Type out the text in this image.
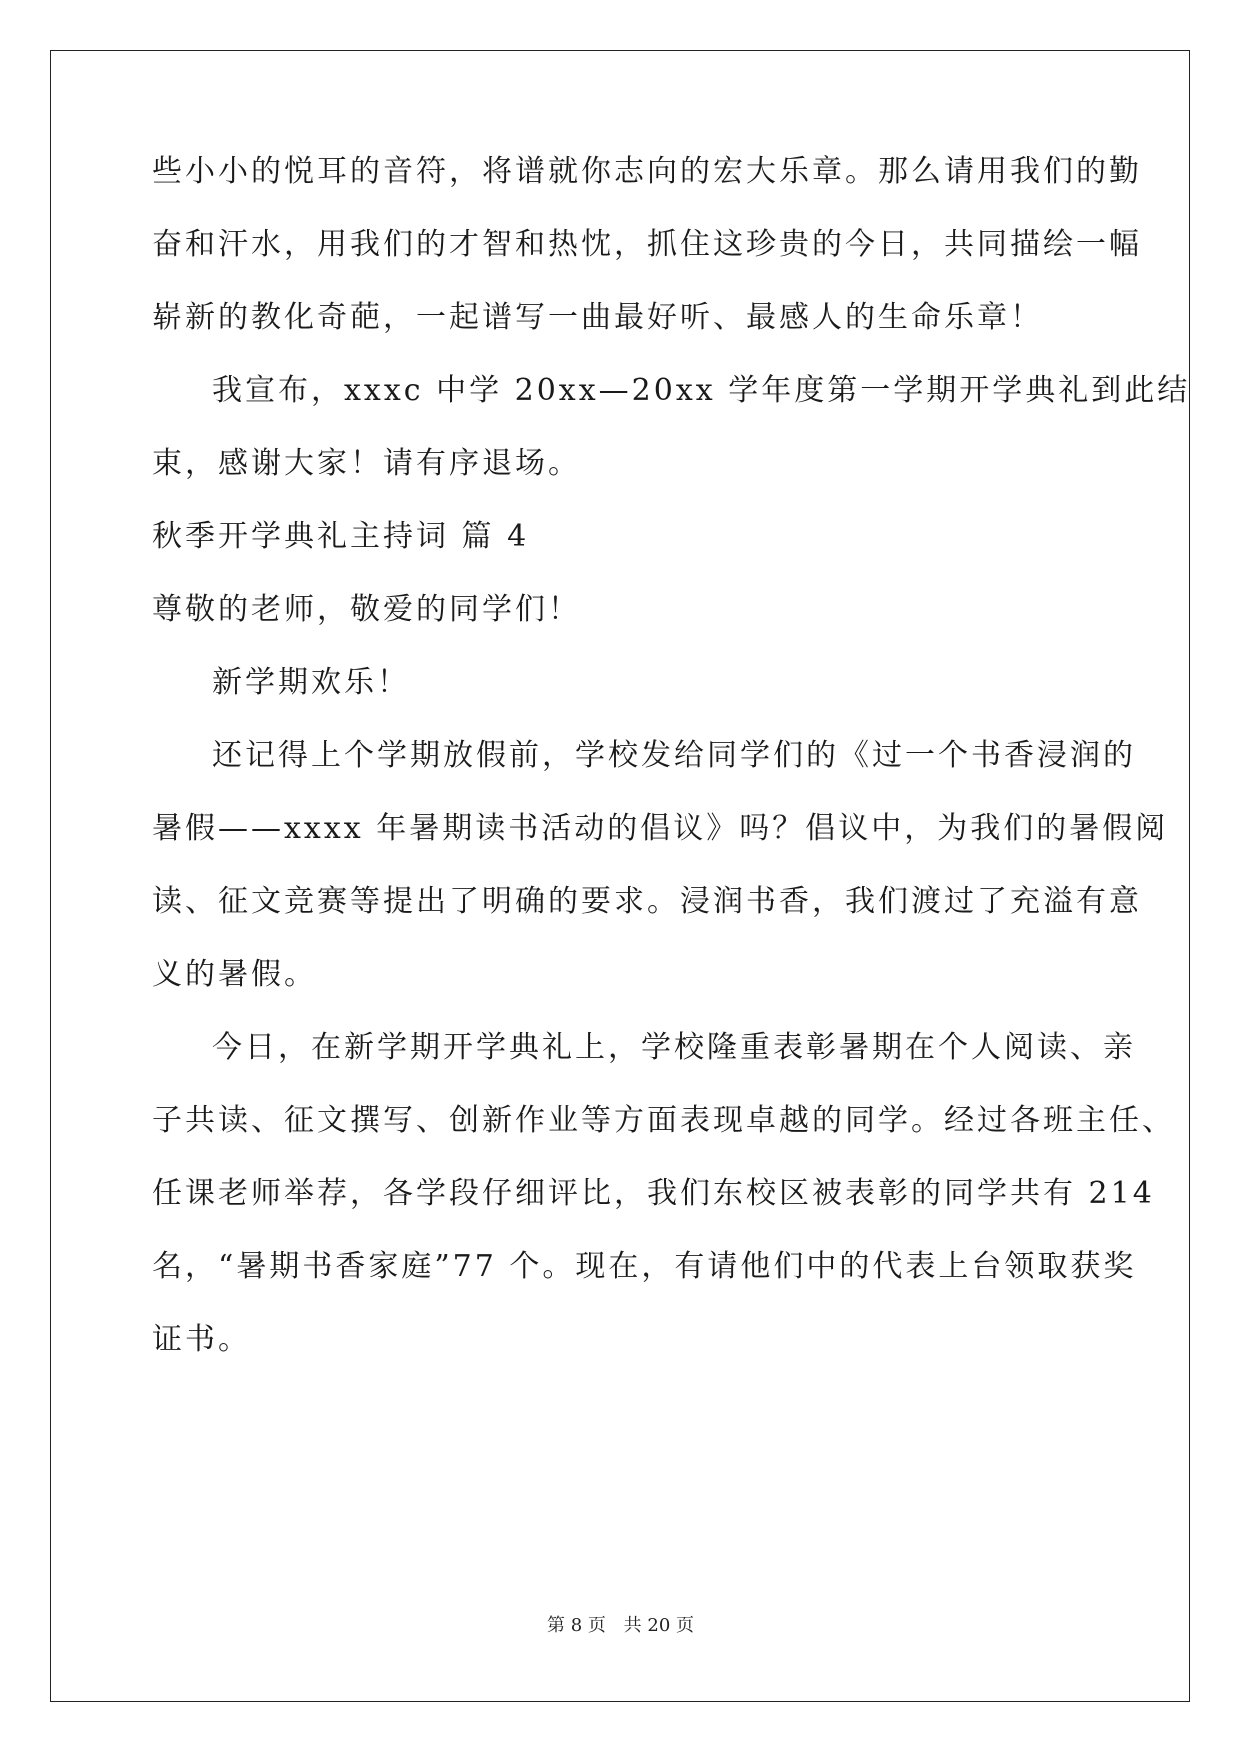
些小小的悦耳的音符，将谱就你志向的宏大乐章。那么请用我们的勤
奋和汗水，用我们的才智和热忱，抓住这珍贵的今日，共同描绘一幅
崭新的教化奇葩，一起谱写一曲最好听、最感人的生命乐章！
我宣布，xxxc 中学 20xx—20xx 学年度第一学期开学典礼到此结
束，感谢大家！请有序退场。
秋季开学典礼主持词 篇 4
尊敬的老师，敬爱的同学们！
新学期欢乐！
还记得上个学期放假前，学校发给同学们的《过一个书香浸润的
暑假——xxxx 年暑期读书活动的倡议》吗？倡议中，为我们的暑假阅
读、征文竞赛等提出了明确的要求。浸润书香，我们渡过了充溢有意
义的暑假。
今日，在新学期开学典礼上，学校隆重表彰暑期在个人阅读、亲
子共读、征文撰写、创新作业等方面表现卓越的同学。经过各班主任、
任课老师举荐，各学段仔细评比，我们东校区被表彰的同学共有 214
名，“暑期书香家庭”77 个。现在，有请他们中的代表上台领取获奖
证书。
第 8 页 共 20 页
